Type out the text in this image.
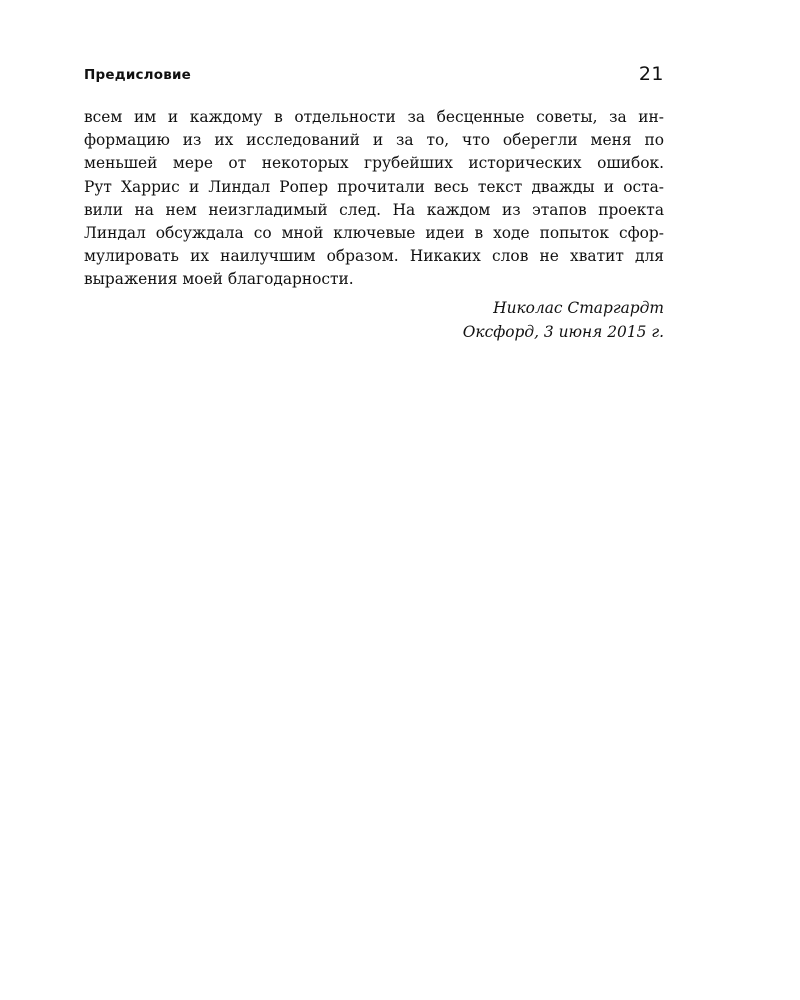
Предисловие	21
всем им и каждому в отдельности за бесценные советы, за ин-
формацию из их исследований и за то, что оберегли меня по
меньшей мере от некоторых грубейших исторических ошибок.
Рут Харрис и Линдал Ропер прочитали весь текст дважды и оста-
вили на нем неизгладимый след. На каждом из этапов проекта
Линдал обсуждала со мной ключевые идеи в ходе попыток сфор-
мулировать их наилучшим образом. Никаких слов не хватит для
выражения моей благодарности.
Николас Старгардт
Оксфорд, 3 июня 2015 г.
